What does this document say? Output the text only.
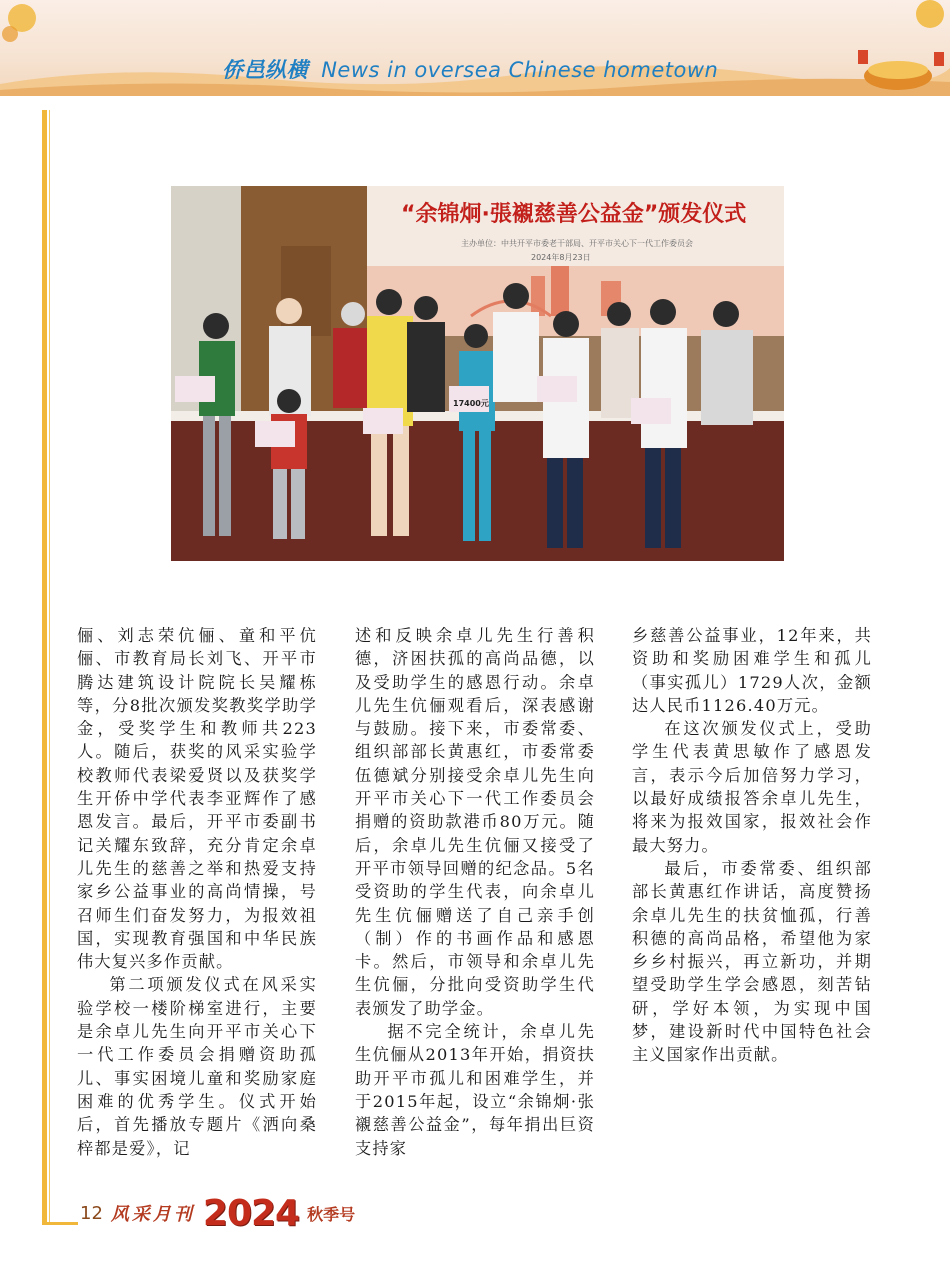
侨邑纵横 News in oversea Chinese hometown
“余锦炯·張襯慈善公益金”颁发仪式
主办单位：中共开平市委老干部局、开平市关心下一代工作委员会
2024年8月23日
17400元

俪、刘志荣伉俪、童和平伉俪、市教育局长刘飞、开平市腾达建筑设计院院长吴耀栋等，分8批次颁发奖教奖学助学金，受奖学生和教师共223人。随后，获奖的风采实验学校教师代表梁爱贤以及获奖学生开侨中学代表李亚辉作了感恩发言。最后，开平市委副书记关耀东致辞，充分肯定余卓儿先生的慈善之举和热爱支持家乡公益事业的高尚情操，号召师生们奋发努力，为报效祖国，实现教育强国和中华民族伟大复兴多作贡献。

第二项颁发仪式在风采实验学校一楼阶梯室进行，主要是余卓儿先生向开平市关心下一代工作委员会捐赠资助孤儿、事实困境儿童和奖励家庭困难的优秀学生。仪式开始后，首先播放专题片《洒向桑梓都是爱》，记

述和反映余卓儿先生行善积德，济困扶孤的高尚品德，以及受助学生的感恩行动。余卓儿先生伉俪观看后，深表感谢与鼓励。接下来，市委常委、组织部部长黄惠红，市委常委伍德斌分别接受余卓儿先生向开平市关心下一代工作委员会捐赠的资助款港币80万元。随后，余卓儿先生伉俪又接受了开平市领导回赠的纪念品。5名受资助的学生代表，向余卓儿先生伉俪赠送了自己亲手创（制）作的书画作品和感恩卡。然后，市领导和余卓儿先生伉俪，分批向受资助学生代表颁发了助学金。

据不完全统计，余卓儿先生伉俪从2013年开始，捐资扶助开平市孤儿和困难学生，并于2015年起，设立“余锦炯·张襯慈善公益金”，每年捐出巨资支持家

乡慈善公益事业，12年来，共资助和奖励困难学生和孤儿（事实孤儿）1729人次，金额达人民币1126.40万元。

在这次颁发仪式上，受助学生代表黄思敏作了感恩发言，表示今后加倍努力学习，以最好成绩报答余卓儿先生，将来为报效国家，报效社会作最大努力。

最后，市委常委、组织部部长黄惠红作讲话，高度赞扬余卓儿先生的扶贫恤孤，行善积德的高尚品格，希望他为家乡乡村振兴，再立新功，并期望受助学生学会感恩，刻苦钻研，学好本领，为实现中国梦，建设新时代中国特色社会主义国家作出贡献。

12 风采月刊 2024 秋季号
